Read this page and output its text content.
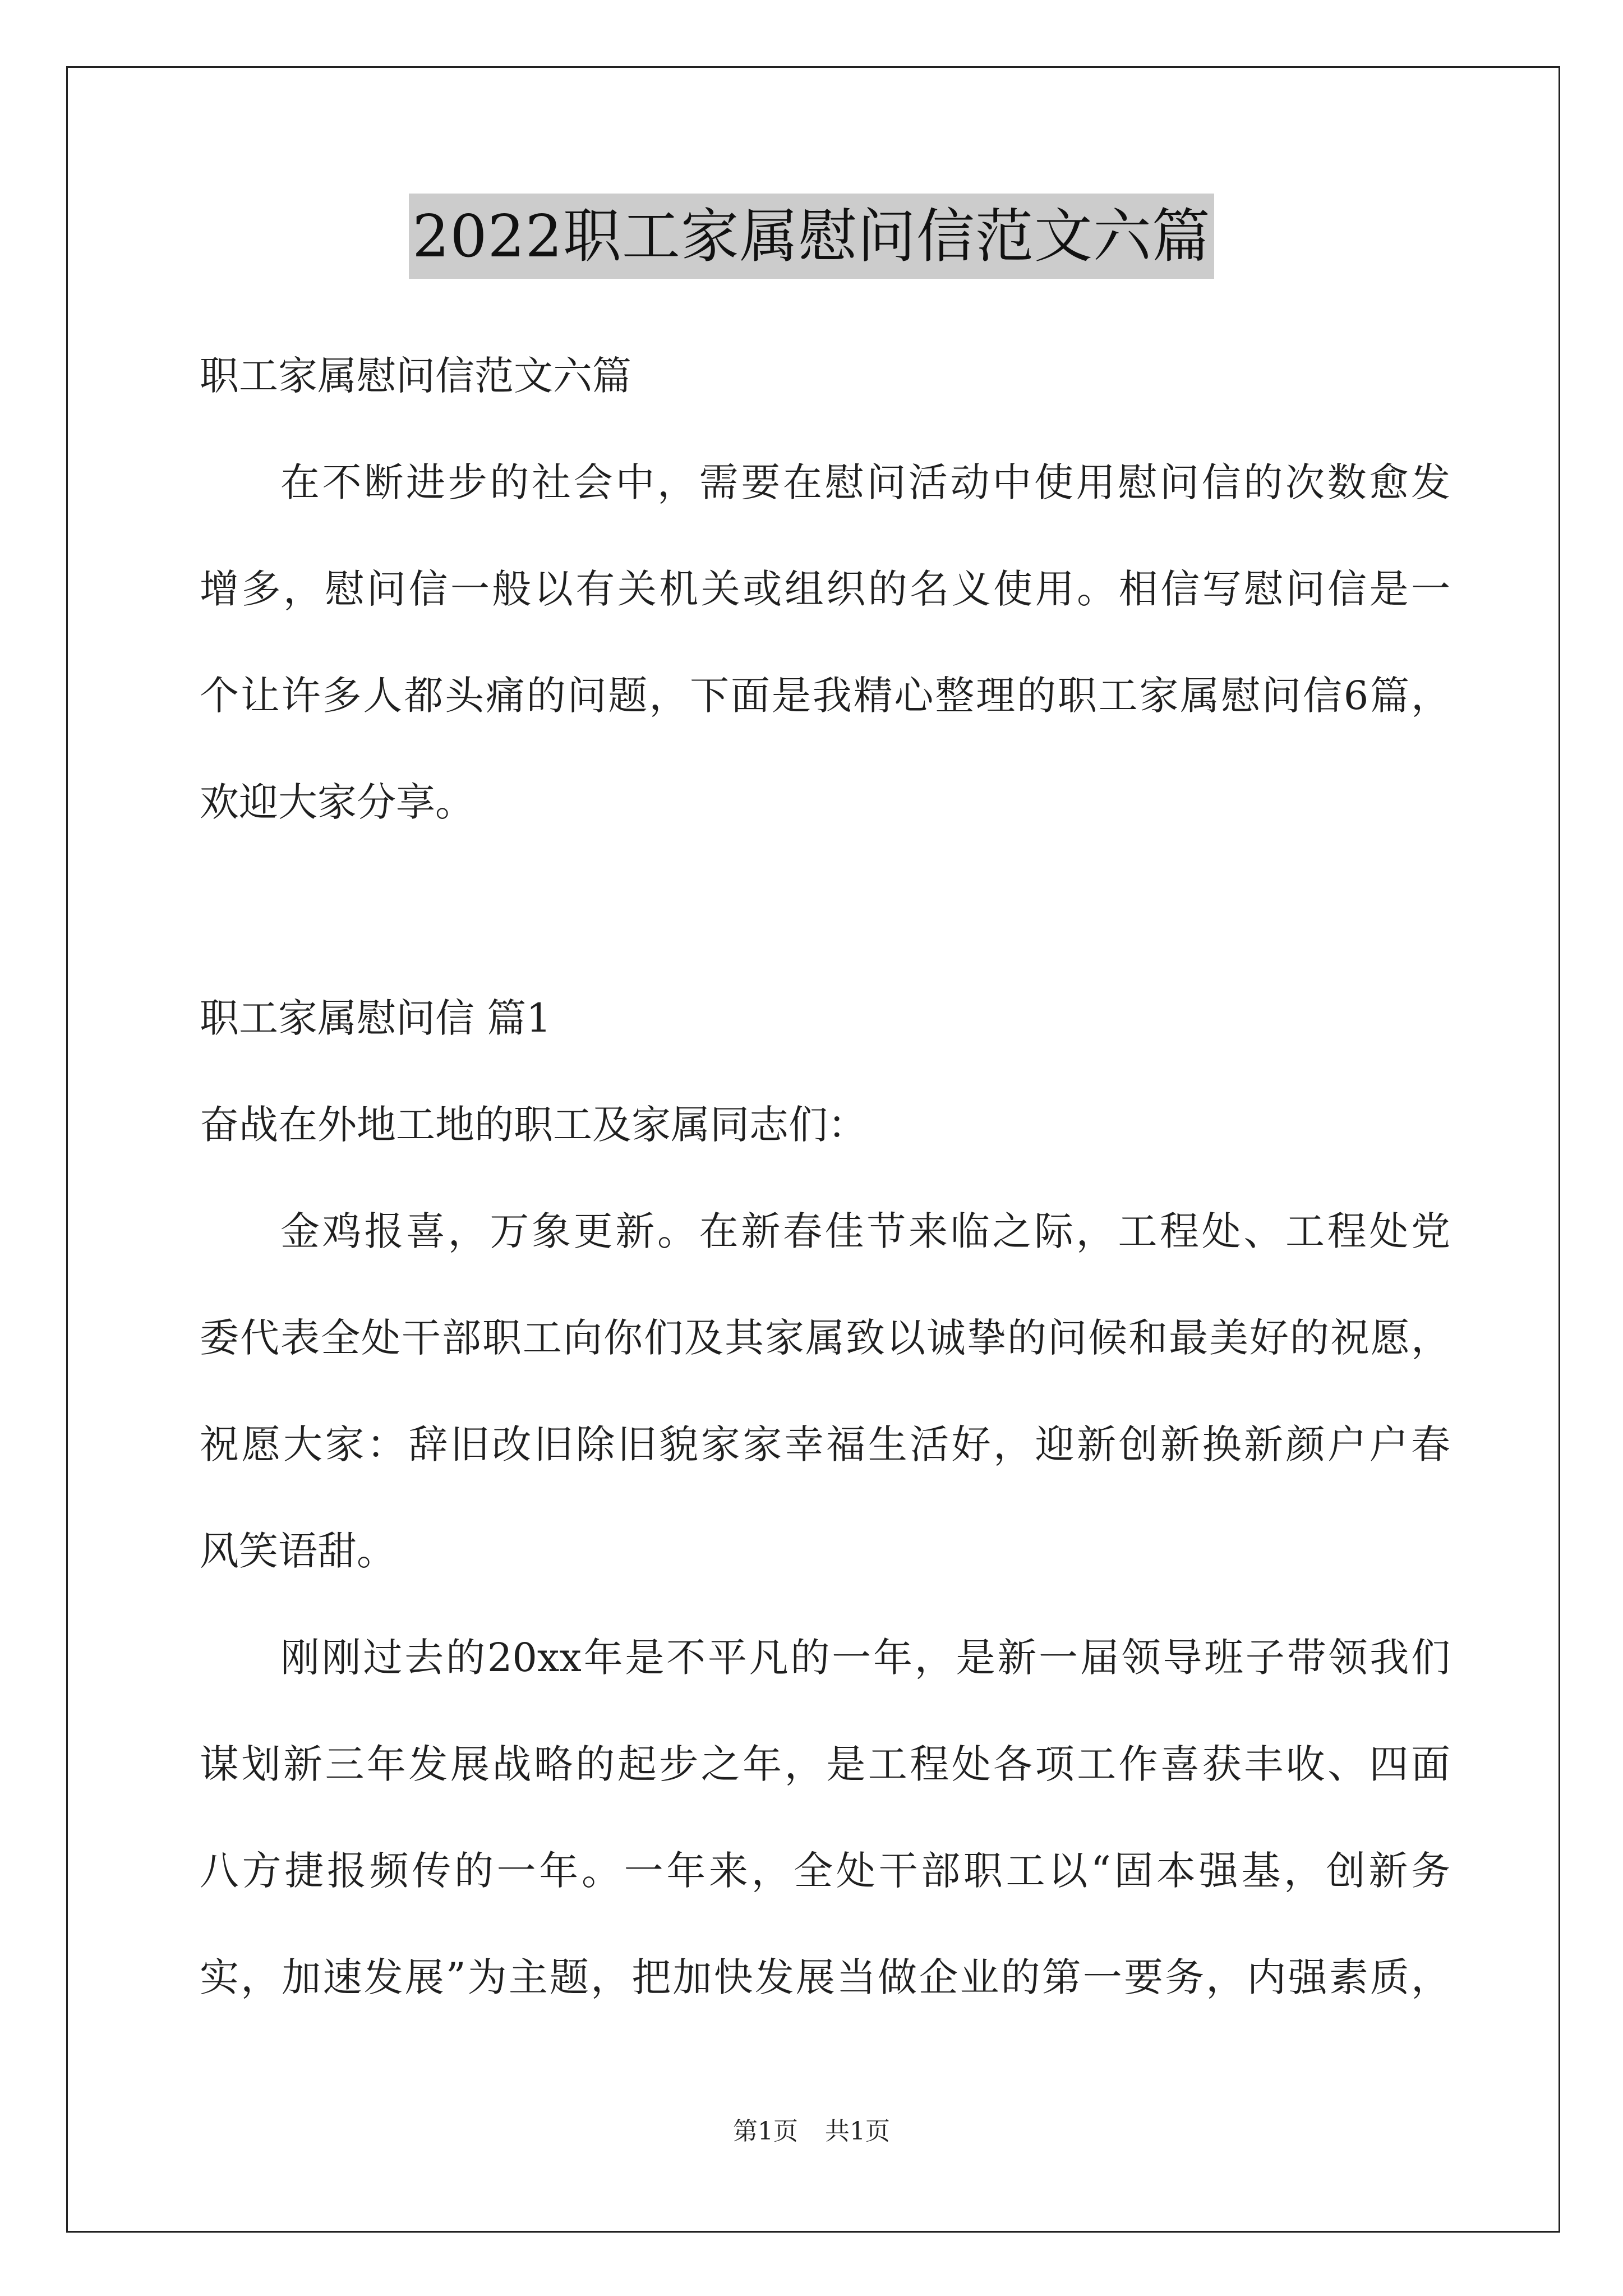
2022职工家属慰问信范文六篇
职工家属慰问信范文六篇
在不断进步的社会中，需要在慰问活动中使用慰问信的次数愈发
增多，慰问信一般以有关机关或组织的名义使用。相信写慰问信是一
个让许多人都头痛的问题，下面是我精心整理的职工家属慰问信6篇，
欢迎大家分享。
职工家属慰问信 篇1
奋战在外地工地的职工及家属同志们：
金鸡报喜，万象更新。在新春佳节来临之际，工程处、工程处党
委代表全处干部职工向你们及其家属致以诚挚的问候和最美好的祝愿，
祝愿大家：辞旧改旧除旧貌家家幸福生活好，迎新创新换新颜户户春
风笑语甜。
刚刚过去的20xx年是不平凡的一年，是新一届领导班子带领我们
谋划新三年发展战略的起步之年，是工程处各项工作喜获丰收、四面
八方捷报频传的一年。一年来，全处干部职工以“固本强基，创新务
实，加速发展”为主题，把加快发展当做企业的第一要务，内强素质，
第1页 共1页
